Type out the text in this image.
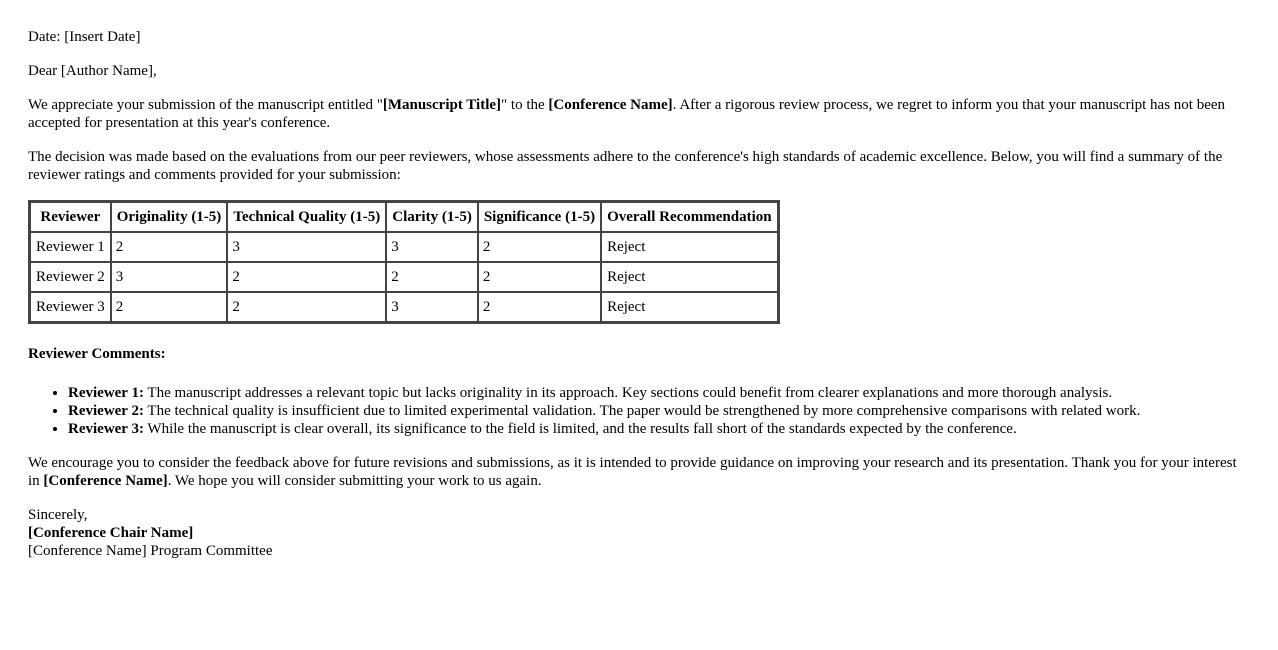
Date: [Insert Date]

Dear [Author Name],

We appreciate your submission of the manuscript entitled "[Manuscript Title]" to the [Conference Name]. After a rigorous review process, we regret to inform you that your manuscript has not been accepted for presentation at this year's conference.

The decision was made based on the evaluations from our peer reviewers, whose assessments adhere to the conference's high standards of academic excellence. Below, you will find a summary of the reviewer ratings and comments provided for your submission:

Reviewer	Originality (1-5)	Technical Quality (1-5)	Clarity (1-5)	Significance (1-5)	Overall Recommendation
Reviewer 1	2	3	3	2	Reject
Reviewer 2	3	2	2	2	Reject
Reviewer 3	2	2	3	2	Reject

Reviewer Comments:

• Reviewer 1: The manuscript addresses a relevant topic but lacks originality in its approach. Key sections could benefit from clearer explanations and more thorough analysis.
• Reviewer 2: The technical quality is insufficient due to limited experimental validation. The paper would be strengthened by more comprehensive comparisons with related work.
• Reviewer 3: While the manuscript is clear overall, its significance to the field is limited, and the results fall short of the standards expected by the conference.

We encourage you to consider the feedback above for future revisions and submissions, as it is intended to provide guidance on improving your research and its presentation. Thank you for your interest in [Conference Name]. We hope you will consider submitting your work to us again.

Sincerely,

[Conference Chair Name]

[Conference Name] Program Committee
